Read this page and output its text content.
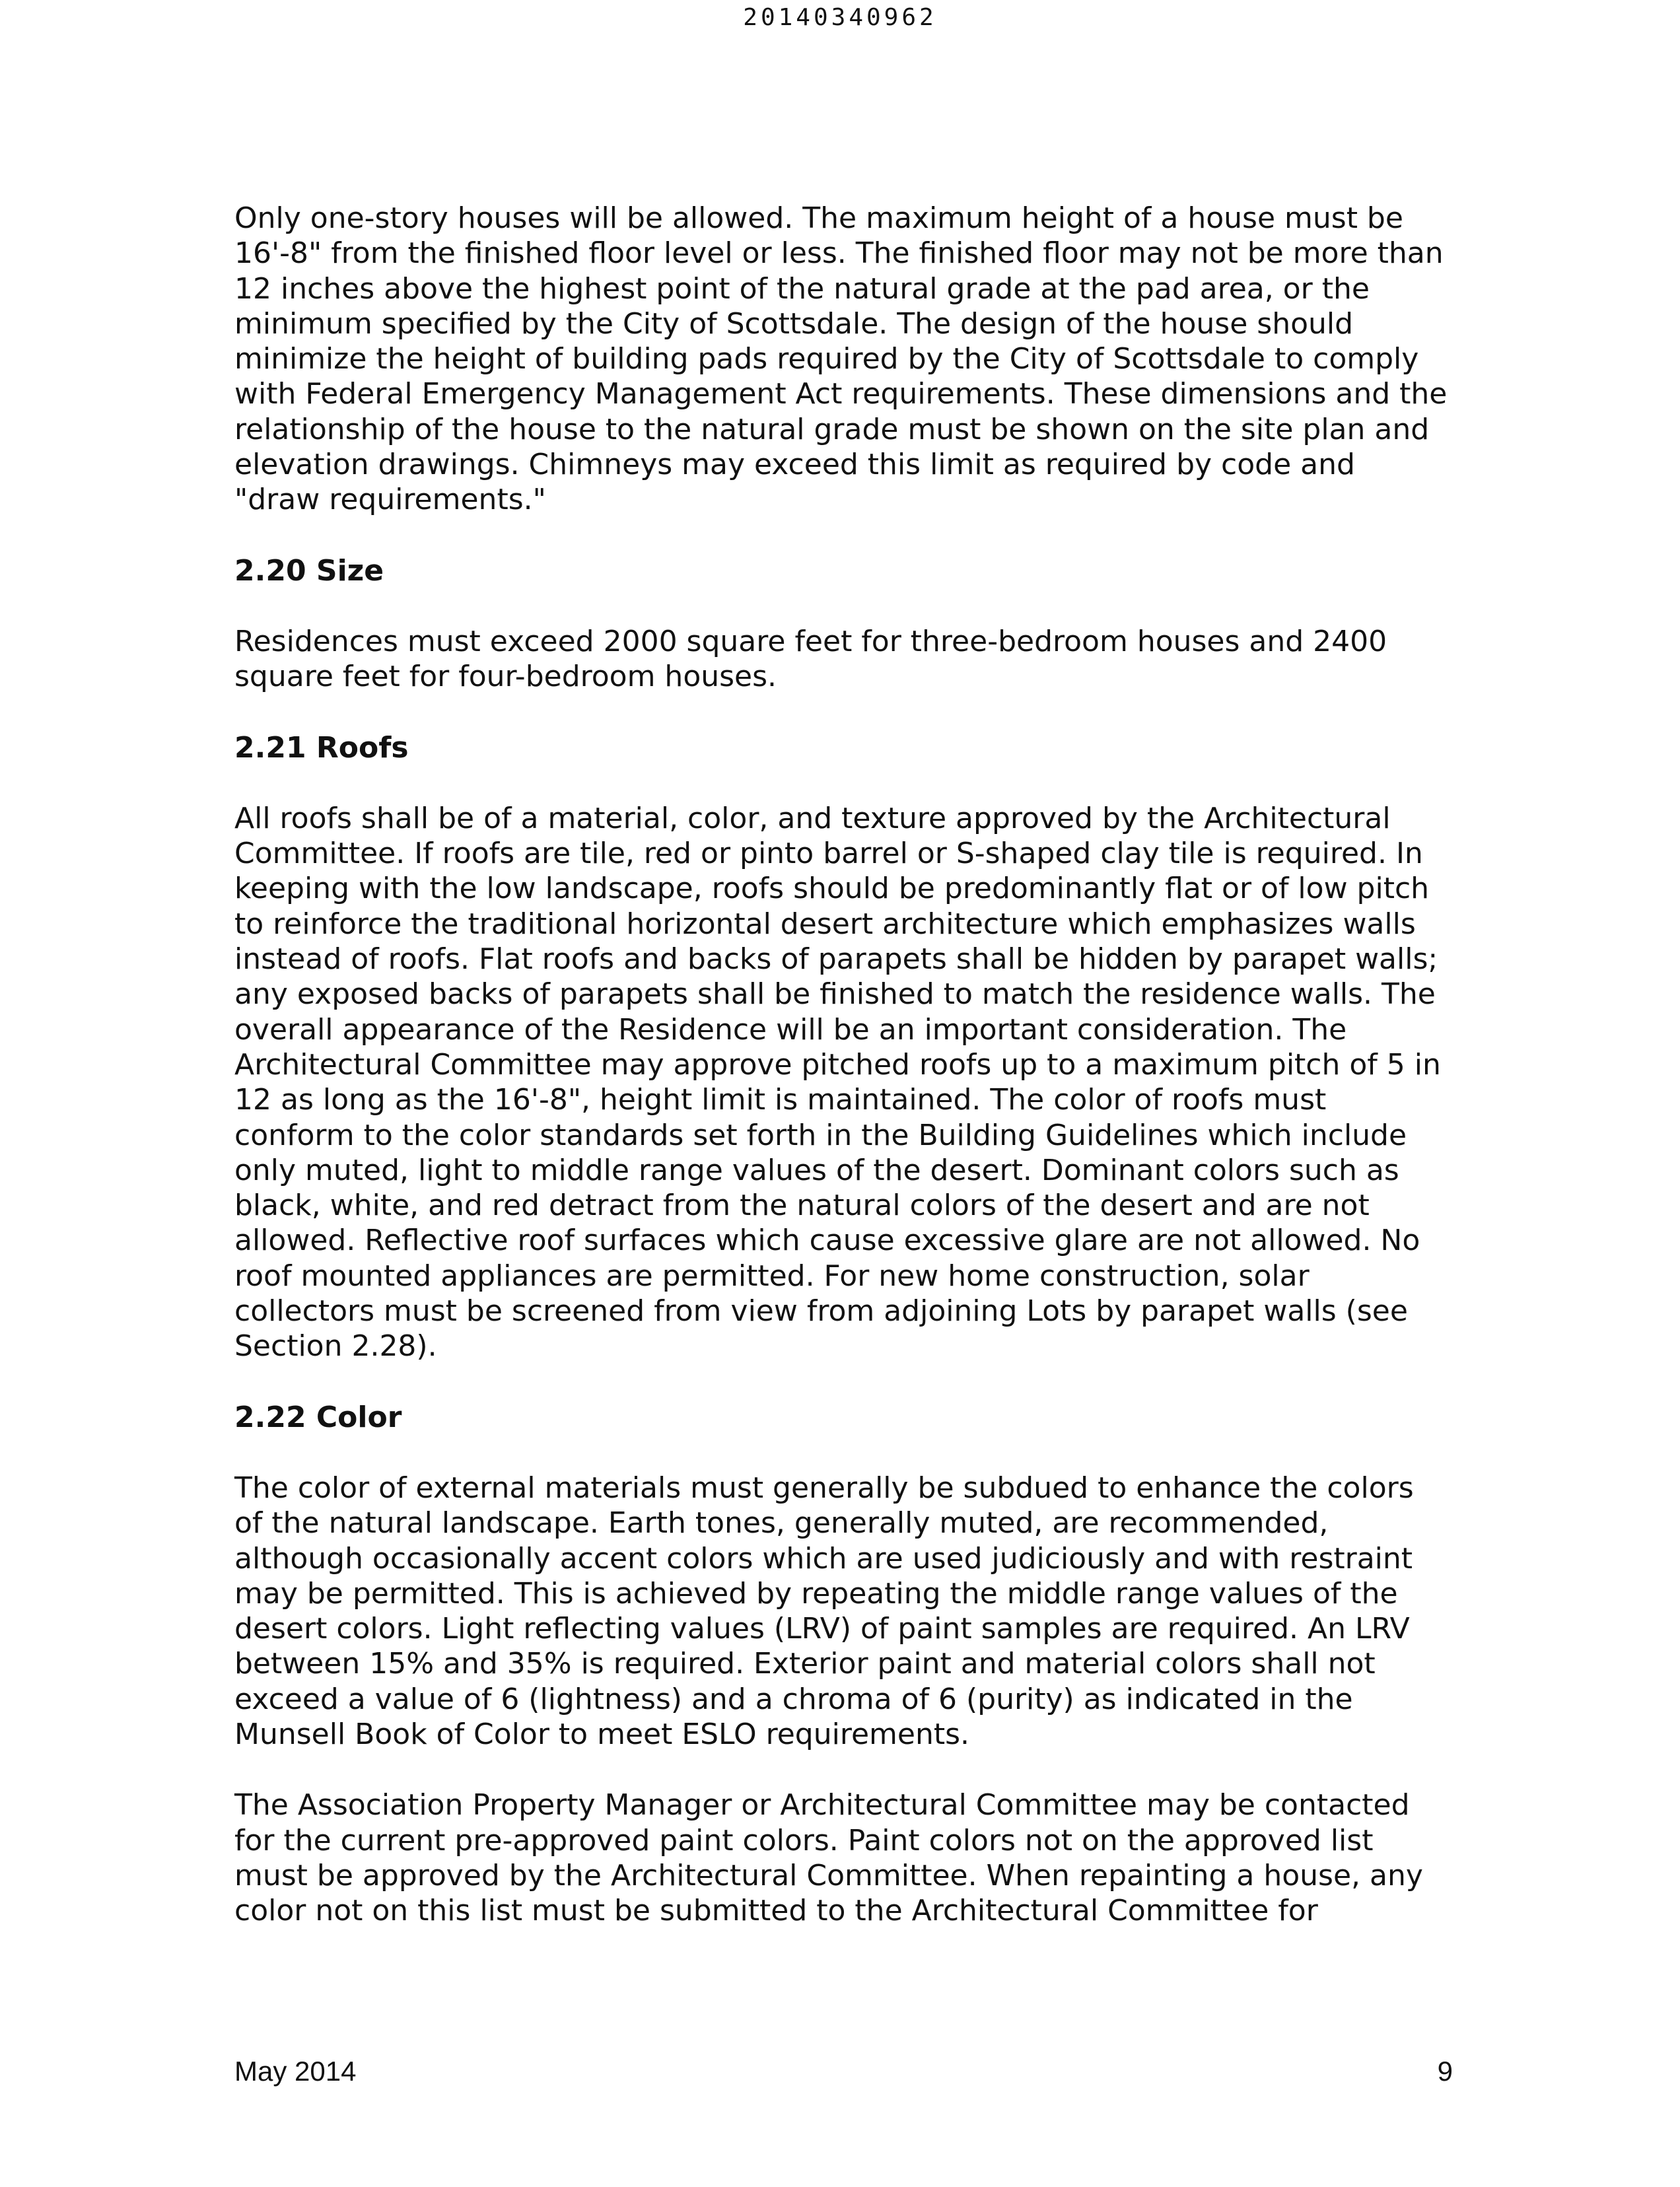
20140340962

Only one-story houses will be allowed. The maximum height of a house must be 16'-8" from the finished floor level or less. The finished floor may not be more than 12 inches above the highest point of the natural grade at the pad area, or the minimum specified by the City of Scottsdale. The design of the house should minimize the height of building pads required by the City of Scottsdale to comply with Federal Emergency Management Act requirements. These dimensions and the relationship of the house to the natural grade must be shown on the site plan and elevation drawings. Chimneys may exceed this limit as required by code and "draw requirements."

2.20 Size

Residences must exceed 2000 square feet for three-bedroom houses and 2400 square feet for four-bedroom houses.

2.21 Roofs

All roofs shall be of a material, color, and texture approved by the Architectural Committee. If roofs are tile, red or pinto barrel or S-shaped clay tile is required. In keeping with the low landscape, roofs should be predominantly flat or of low pitch to reinforce the traditional horizontal desert architecture which emphasizes walls instead of roofs. Flat roofs and backs of parapets shall be hidden by parapet walls; any exposed backs of parapets shall be finished to match the residence walls. The overall appearance of the Residence will be an important consideration. The Architectural Committee may approve pitched roofs up to a maximum pitch of 5 in 12 as long as the 16'-8", height limit is maintained. The color of roofs must conform to the color standards set forth in the Building Guidelines which include only muted, light to middle range values of the desert. Dominant colors such as black, white, and red detract from the natural colors of the desert and are not allowed. Reflective roof surfaces which cause excessive glare are not allowed. No roof mounted appliances are permitted. For new home construction, solar collectors must be screened from view from adjoining Lots by parapet walls (see Section 2.28).

2.22 Color

The color of external materials must generally be subdued to enhance the colors of the natural landscape. Earth tones, generally muted, are recommended, although occasionally accent colors which are used judiciously and with restraint may be permitted. This is achieved by repeating the middle range values of the desert colors. Light reflecting values (LRV) of paint samples are required. An LRV between 15% and 35% is required. Exterior paint and material colors shall not exceed a value of 6 (lightness) and a chroma of 6 (purity) as indicated in the Munsell Book of Color to meet ESLO requirements.

The Association Property Manager or Architectural Committee may be contacted for the current pre-approved paint colors. Paint colors not on the approved list must be approved by the Architectural Committee. When repainting a house, any color not on this list must be submitted to the Architectural Committee for

May 2014	9
